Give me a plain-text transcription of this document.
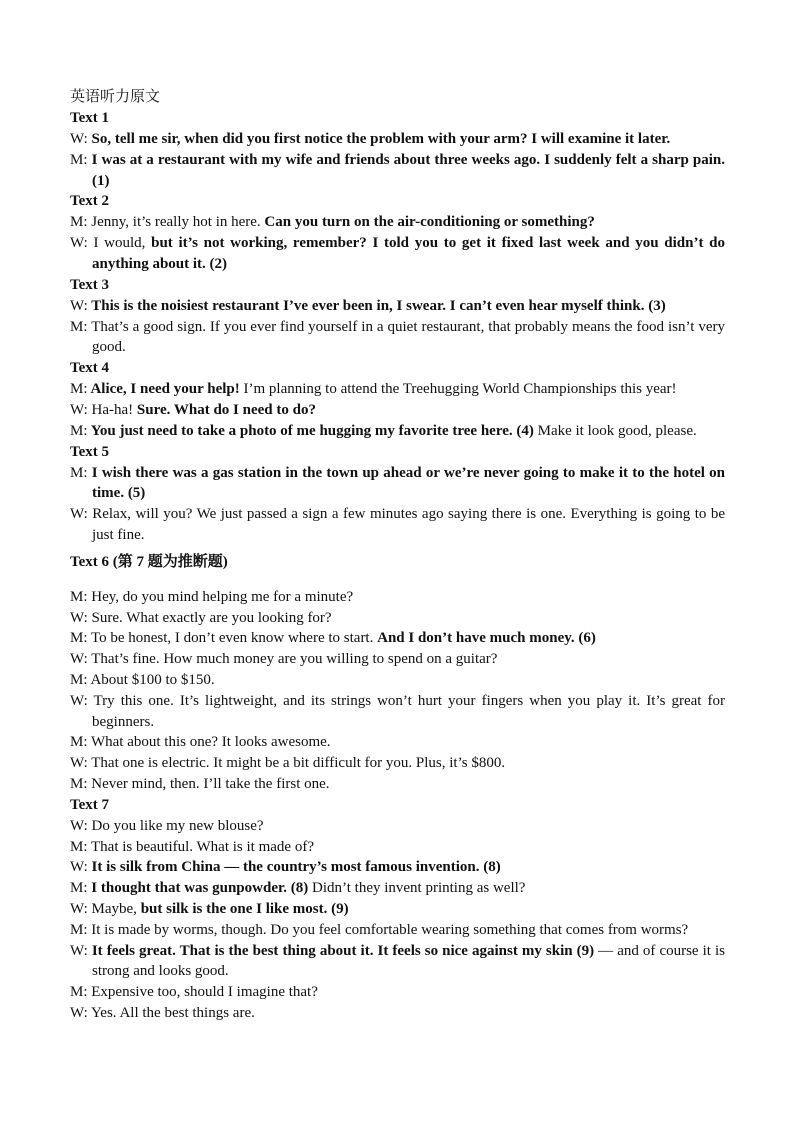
英语听力原文
Text 1

W: So, tell me sir, when did you first notice the problem with your arm? I will examine it later.

M: I was at a restaurant with my wife and friends about three weeks ago. I suddenly felt a sharp pain. (1)

Text 2

M: Jenny, it’s really hot in here. Can you turn on the air-conditioning or something?

W: I would, but it’s not working, remember? I told you to get it fixed last week and you didn’t do anything about it. (2)

Text 3

W: This is the noisiest restaurant I’ve ever been in, I swear. I can’t even hear myself think. (3)

M: That’s a good sign. If you ever find yourself in a quiet restaurant, that probably means the food isn’t very good.

Text 4

M: Alice, I need your help! I’m planning to attend the Treehugging World Championships this year!

W: Ha-ha! Sure. What do I need to do?

M: You just need to take a photo of me hugging my favorite tree here. (4) Make it look good, please.

Text 5

M: I wish there was a gas station in the town up ahead or we’re never going to make it to the hotel on time. (5)

W: Relax, will you? We just passed a sign a few minutes ago saying there is one. Everything is going to be just fine.

Text 6 (第 7 题为推断题)

M: Hey, do you mind helping me for a minute?

W: Sure. What exactly are you looking for?

M: To be honest, I don’t even know where to start. And I don’t have much money. (6)

W: That’s fine. How much money are you willing to spend on a guitar?

M: About $100 to $150.

W: Try this one. It’s lightweight, and its strings won’t hurt your fingers when you play it. It’s great for beginners.

M: What about this one? It looks awesome.

W: That one is electric. It might be a bit difficult for you. Plus, it’s $800.

M: Never mind, then. I’ll take the first one.

Text 7

W: Do you like my new blouse?

M: That is beautiful. What is it made of?

W: It is silk from China — the country’s most famous invention. (8)

M: I thought that was gunpowder. (8) Didn’t they invent printing as well?

W: Maybe, but silk is the one I like most. (9)

M: It is made by worms, though. Do you feel comfortable wearing something that comes from worms?

W: It feels great. That is the best thing about it. It feels so nice against my skin (9) — and of course it is strong and looks good.

M: Expensive too, should I imagine that?

W: Yes. All the best things are.
